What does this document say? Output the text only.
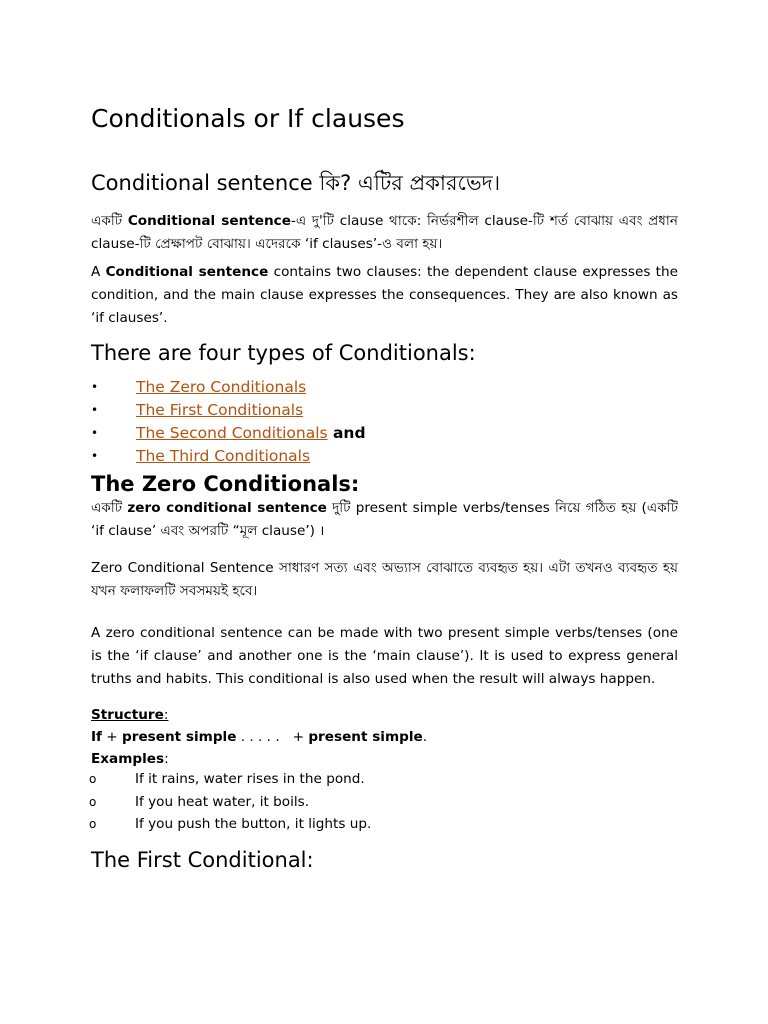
Conditionals or If clauses
Conditional sentence কি? এটির প্রকারভেদ।
একটি Conditional sentence-এ দু'টি clause থাকে: নির্ভরশীল clause-টি শর্ত বোঝায় এবং প্রধান clause-টি প্রেক্ষাপট বোঝায়। এদেরকে ‘if clauses’-ও বলা হয়।
A Conditional sentence contains two clauses: the dependent clause expresses the condition, and the main clause expresses the consequences. They are also known as ‘if clauses’.
There are four types of Conditionals:
• The Zero Conditionals
• The First Conditionals
• The Second Conditionals and
• The Third Conditionals
The Zero Conditionals:
একটি zero conditional sentence দুটি present simple verbs/tenses নিয়ে গঠিত হয় (একটি ‘if clause’ এবং অপরটি “মূল clause’) ।
Zero Conditional Sentence সাধারণ সত্য এবং অভ্যাস বোঝাতে ব্যবহৃত হয়। এটা তখনও ব্যবহৃত হয় যখন ফলাফলটি সবসময়ই হবে।
A zero conditional sentence can be made with two present simple verbs/tenses (one is the ‘if clause’ and another one is the ‘main clause’). It is used to express general truths and habits. This conditional is also used when the result will always happen.
Structure:
If + present simple . . . . .   + present simple.
Examples:
o	If it rains, water rises in the pond.
o	If you heat water, it boils.
o	If you push the button, it lights up.
The First Conditional:
